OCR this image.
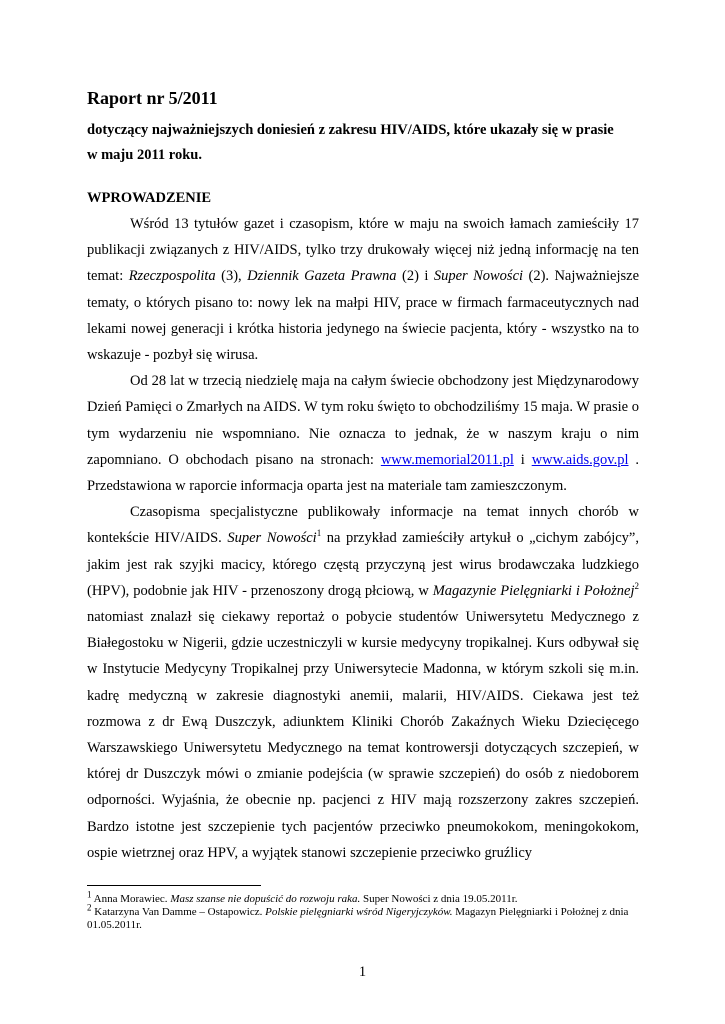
Raport nr 5/2011
dotyczący najważniejszych doniesień z zakresu HIV/AIDS, które ukazały się w prasie
w maju 2011 roku.
WPROWADZENIE

Wśród 13 tytułów gazet i czasopism, które w maju na swoich łamach zamieściły 17 publikacji związanych z HIV/AIDS, tylko trzy drukowały więcej niż jedną informację na ten temat: Rzeczpospolita (3), Dziennik Gazeta Prawna (2) i Super Nowości (2). Najważniejsze tematy, o których pisano to: nowy lek na małpi HIV, prace w firmach farmaceutycznych nad lekami nowej generacji i krótka historia jedynego na świecie pacjenta, który - wszystko na to wskazuje - pozbył się wirusa.

Od 28 lat w trzecią niedzielę maja na całym świecie obchodzony jest Międzynarodowy Dzień Pamięci o Zmarłych na AIDS. W tym roku święto to obchodziliśmy 15 maja. W prasie o tym wydarzeniu nie wspomniano. Nie oznacza to jednak, że w naszym kraju o nim zapomniano. O obchodach pisano na stronach: www.memorial2011.pl i www.aids.gov.pl . Przedstawiona w raporcie informacja oparta jest na materiale tam zamieszczonym.

Czasopisma specjalistyczne publikowały informacje na temat innych chorób w kontekście HIV/AIDS. Super Nowości$^1$ na przykład zamieściły artykuł o „cichym zabójcy”, jakim jest rak szyjki macicy, którego częstą przyczyną jest wirus brodawczaka ludzkiego (HPV), podobnie jak HIV - przenoszony drogą płciową, w Magazynie Pielęgniarki i Położnej$^2$ natomiast znalazł się ciekawy reportaż o pobycie studentów Uniwersytetu Medycznego z Białegostoku w Nigerii, gdzie uczestniczyli w kursie medycyny tropikalnej. Kurs odbywał się w Instytucie Medycyny Tropikalnej przy Uniwersytecie Madonna, w którym szkoli się m.in. kadrę medyczną w zakresie diagnostyki anemii, malarii, HIV/AIDS. Ciekawa jest też rozmowa z dr Ewą Duszczyk, adiunktem Kliniki Chorób Zakaźnych Wieku Dziecięcego Warszawskiego Uniwersytetu Medycznego na temat kontrowersji dotyczących szczepień, w której dr Duszczyk mówi o zmianie podejścia (w sprawie szczepień) do osób z niedoborem odporności. Wyjaśnia, że obecnie np. pacjenci z HIV mają rozszerzony zakres szczepień. Bardzo istotne jest szczepienie tych pacjentów przeciwko pneumokokom, meningokokom, ospie wietrznej oraz HPV, a wyjątek stanowi szczepienie przeciwko gruźlicy

$^1$ Anna Morawiec. Masz szanse nie dopuścić do rozwoju raka. Super Nowości z dnia 19.05.2011r.

$^2$ Katarzyna Van Damme – Ostapowicz. Polskie pielęgniarki wśród Nigeryjczyków. Magazyn Pielęgniarki i Położnej z dnia 01.05.2011r.

1
